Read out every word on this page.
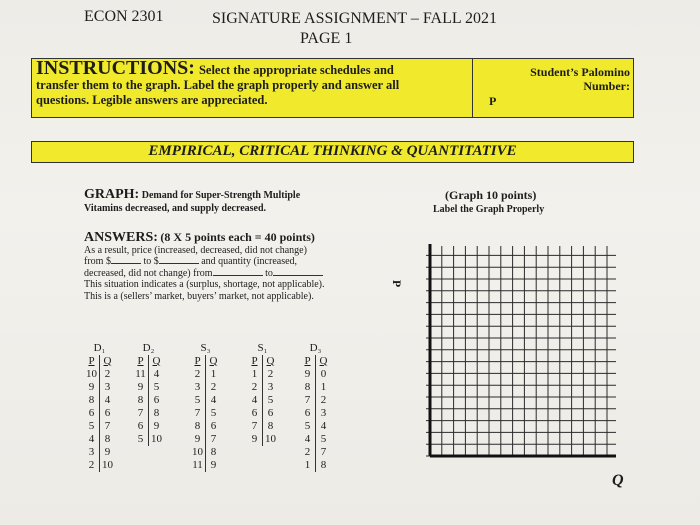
ECON 2301	SIGNATURE ASSIGNMENT – FALL 2021
PAGE 1
INSTRUCTIONS: Select the appropriate schedules and
transfer them to the graph. Label the graph properly and answer all
questions. Legible answers are appreciated.
Student’s Palomino
Number:
P
EMPIRICAL, CRITICAL THINKING & QUANTITATIVE
GRAPH: Demand for Super-Strength Multiple
Vitamins decreased, and supply decreased.
(Graph 10 points)
Label the Graph Properly
ANSWERS: (8 X 5 points each = 40 points)
As a result, price (increased, decreased, did not change)
from $	to $	and quantity (increased,
decreased, did not change) from	to
This situation indicates a (surplus, shortage, not applicable).
This is a (sellers’ market, buyers’ market, not applicable).
D₁
P	Q
10	2
9	3
8	4
6	6
5	7
4	8
3	9
2	10
D₂
P	Q
11	4
9	5
8	6
7	8
6	9
5	10
S₃
P	Q
2	1
3	2
5	4
7	5
8	6
9	7
10	8
11	9
S₁
P	Q
1	2
2	3
4	5
6	6
7	8
9	10
D₃
P	Q
9	0
8	1
7	2
6	3
5	4
4	5
2	7
1	8
P
Q
